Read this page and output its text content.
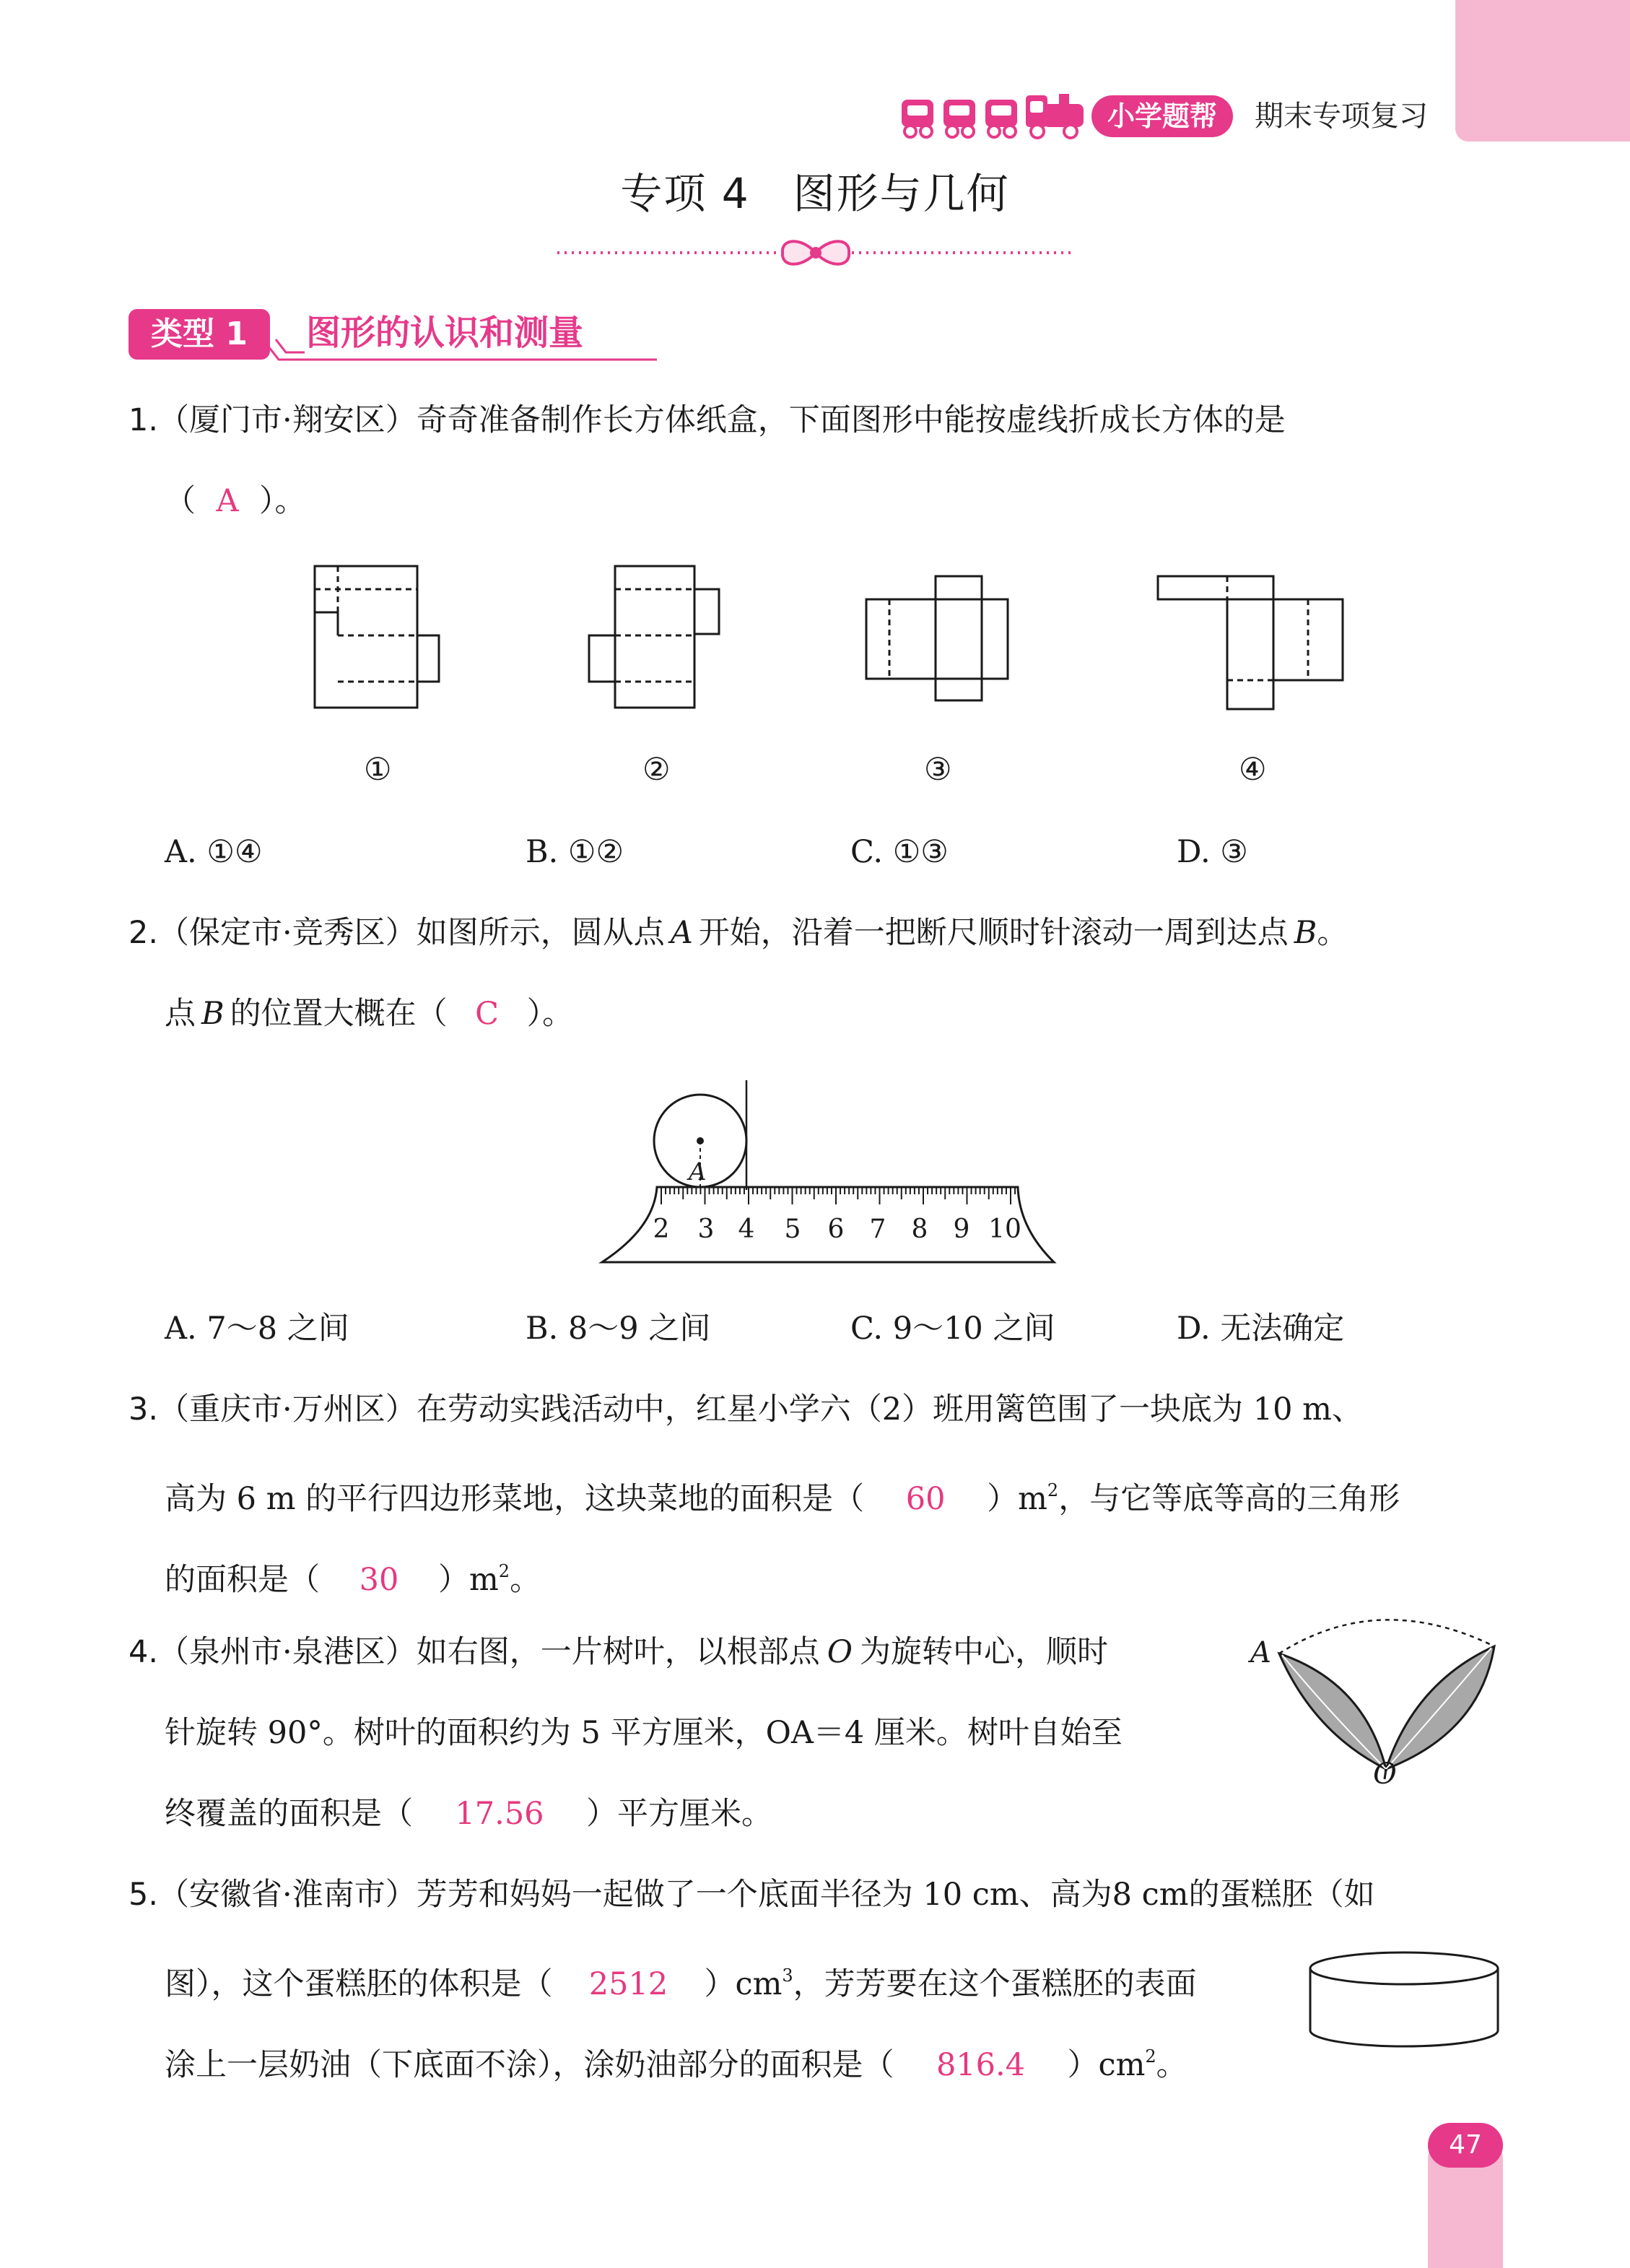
小学题帮	期末专项复习
专项 4　图形与几何
类型 1	图形的认识和测量
1.（厦门市·翔安区）奇奇准备制作长方体纸盒，下面图形中能按虚线折成长方体的是
（ A ）。
①	②	③	④
A. ①④	B. ①②	C. ①③	D. ③
2.（保定市·竞秀区）如图所示，圆从点 A 开始，沿着一把断尺顺时针滚动一周到达点 B。
点 B 的位置大概在（ C ）。
2 3 4 5 6 7 8 9 10
A
A. 7～8 之间	B. 8～9 之间	C. 9～10 之间	D. 无法确定
3.（重庆市·万州区）在劳动实践活动中，红星小学六（2）班用篱笆围了一块底为 10 m、
高为 6 m 的平行四边形菜地，这块菜地的面积是（ 60 ）$m^2$，与它等底等高的三角形
的面积是（ 30 ）$m^2$。
4.（泉州市·泉港区）如右图，一片树叶，以根部点 O 为旋转中心，顺时
针旋转 90°。树叶的面积约为 5 平方厘米，OA＝4 厘米。树叶自始至
终覆盖的面积是（ 17.56 ）平方厘米。
A
O
5.（安徽省·淮南市）芳芳和妈妈一起做了一个底面半径为 10 cm、高为8 cm的蛋糕胚（如
图），这个蛋糕胚的体积是（ 2512 ）$cm^3$，芳芳要在这个蛋糕胚的表面
涂上一层奶油（下底面不涂），涂奶油部分的面积是（ 816.4 ）$cm^2$。
47
